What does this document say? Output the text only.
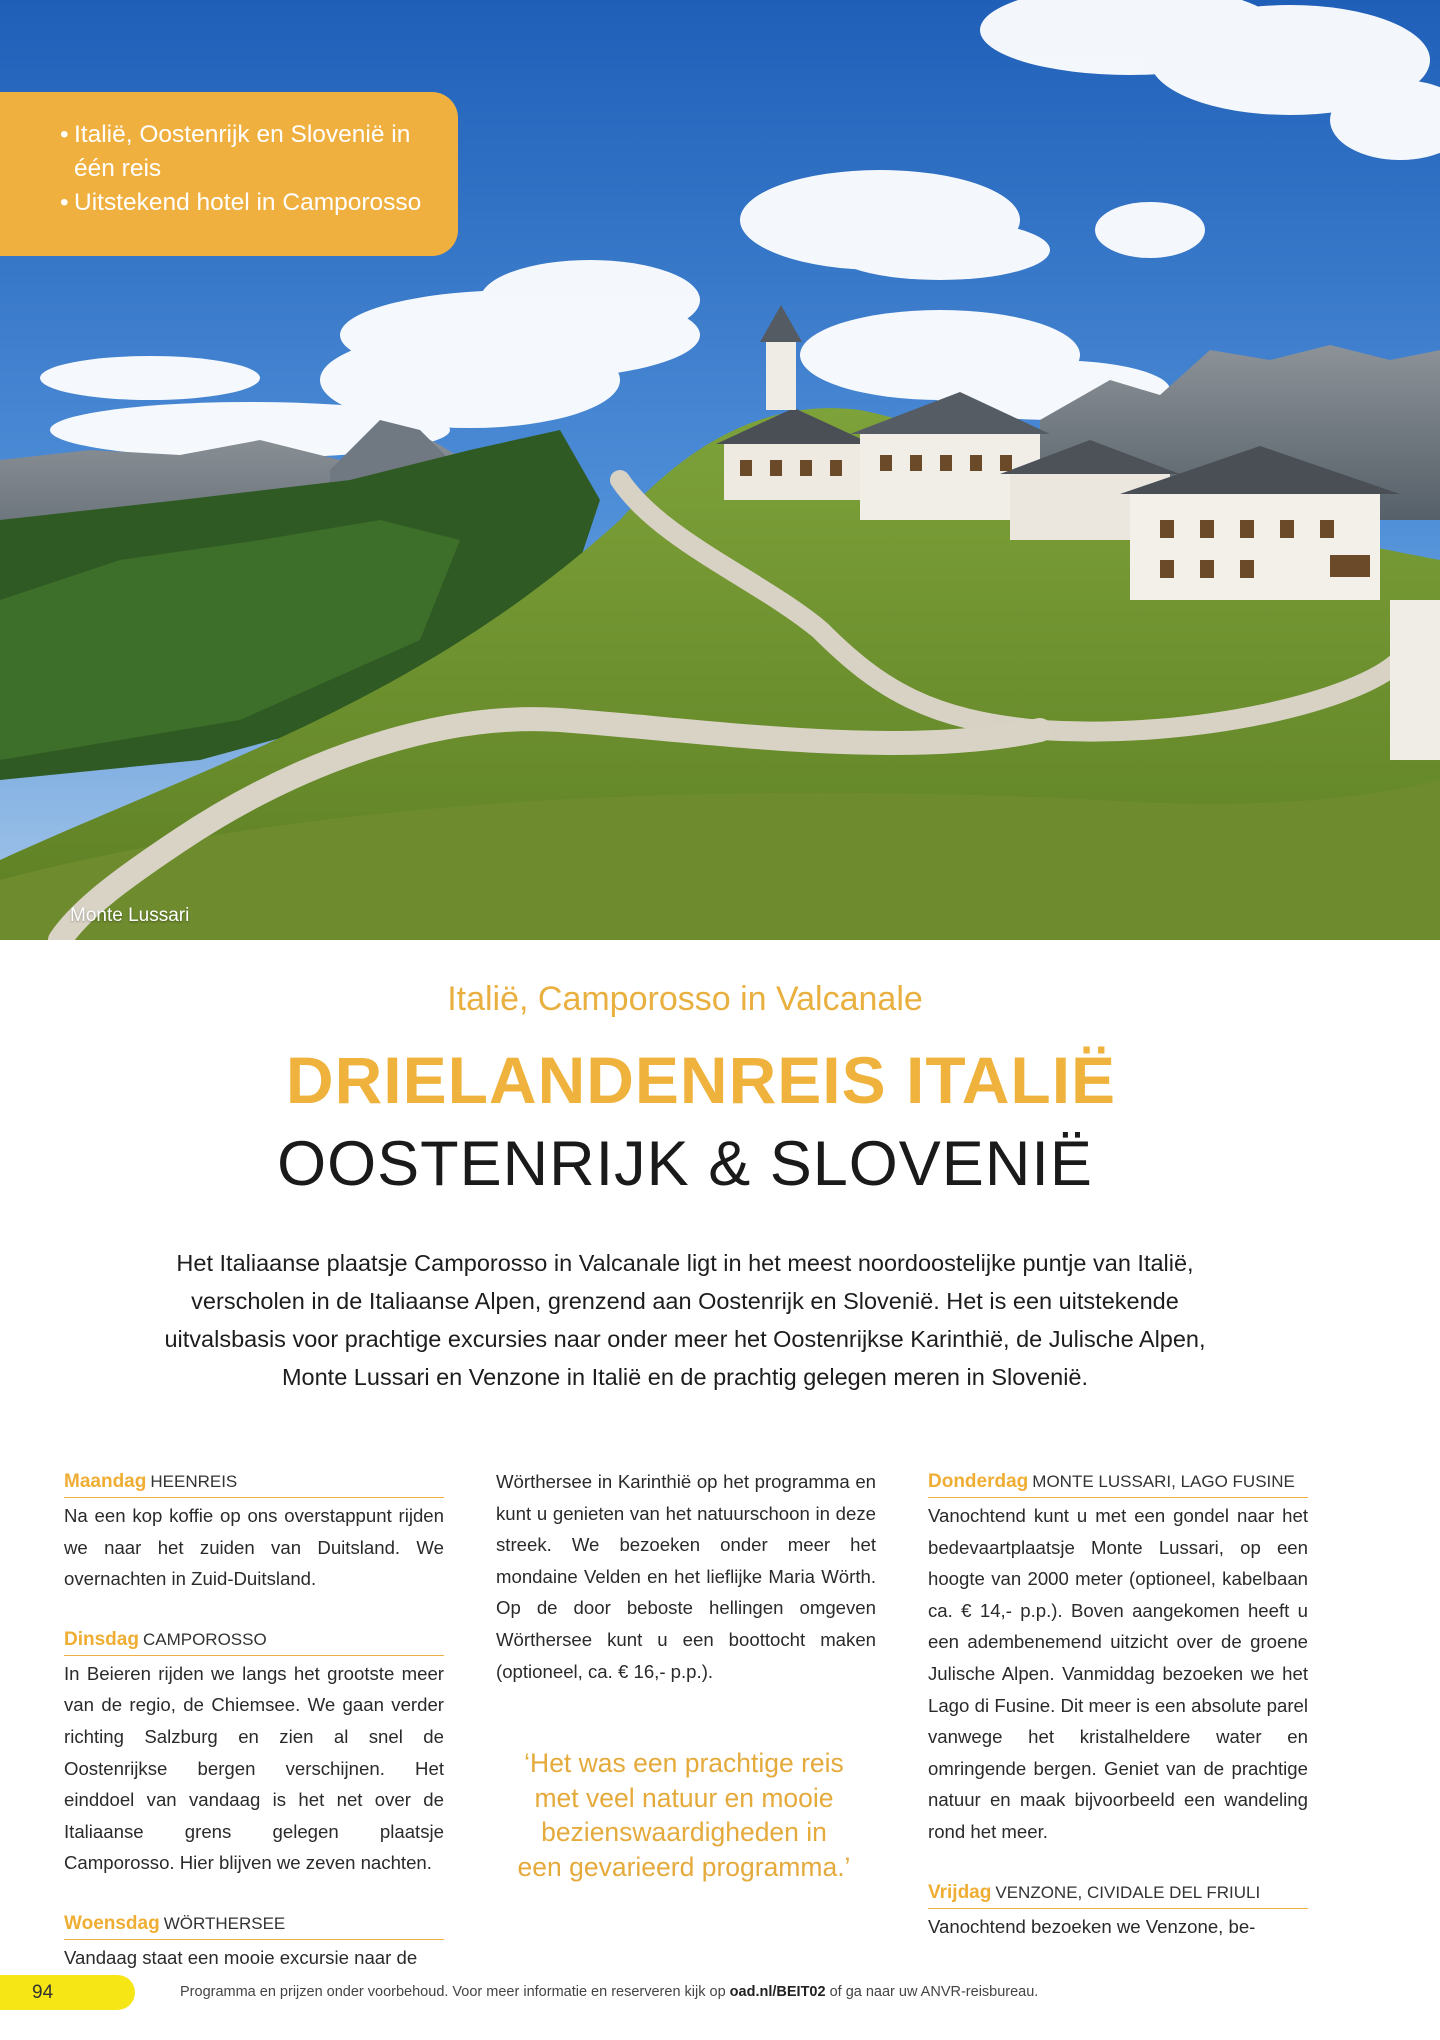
• Italië, Oostenrijk en Slovenië in één reis
• Uitstekend hotel in Camporosso
Monte Lussari
Italië, Camporosso in Valcanale
DRIELANDENREIS ITALIË
OOSTENRIJK & SLOVENIË

Het Italiaanse plaatsje Camporosso in Valcanale ligt in het meest noordoostelijke puntje van Italië, verscholen in de Italiaanse Alpen, grenzend aan Oostenrijk en Slovenië. Het is een uitstekende uitvalsbasis voor prachtige excursies naar onder meer het Oostenrijkse Karinthië, de Julische Alpen, Monte Lussari en Venzone in Italië en de prachtig gelegen meren in Slovenië.

Maandag HEENREIS

Na een kop koffie op ons overstappunt rijden we naar het zuiden van Duitsland. We overnachten in Zuid-Duitsland.

Dinsdag CAMPOROSSO

In Beieren rijden we langs het grootste meer van de regio, de Chiemsee. We gaan verder richting Salzburg en zien al snel de Oostenrijkse bergen verschijnen. Het einddoel van vandaag is het net over de Italiaanse grens gelegen plaatsje Camporosso. Hier blijven we zeven nachten.

Woensdag WÖRTHERSEE

Vandaag staat een mooie excursie naar de

Wörthersee in Karinthië op het programma en kunt u genieten van het natuurschoon in deze streek. We bezoeken onder meer het mondaine Velden en het lieflijke Maria Wörth. Op de door beboste hellingen omgeven Wörthersee kunt u een boottocht maken (optioneel, ca. € 16,- p.p.).

‘Het was een prachtige reis met veel natuur en mooie bezienswaardigheden in een gevarieerd programma.’
Donderdag MONTE LUSSARI, LAGO FUSINE

Vanochtend kunt u met een gondel naar het bedevaartplaatsje Monte Lussari, op een hoogte van 2000 meter (optioneel, kabelbaan ca. € 14,- p.p.). Boven aangekomen heeft u een adembenemend uitzicht over de groene Julische Alpen. Vanmiddag bezoeken we het Lago di Fusine. Dit meer is een absolute parel vanwege het kristalheldere water en omringende bergen. Geniet van de prachtige natuur en maak bijvoorbeeld een wandeling rond het meer.

Vrijdag VENZONE, CIVIDALE DEL FRIULI

Vanochtend bezoeken we Venzone, be-

94	Programma en prijzen onder voorbehoud. Voor meer informatie en reserveren kijk op oad.nl/BEIT02 of ga naar uw ANVR-reisbureau.
